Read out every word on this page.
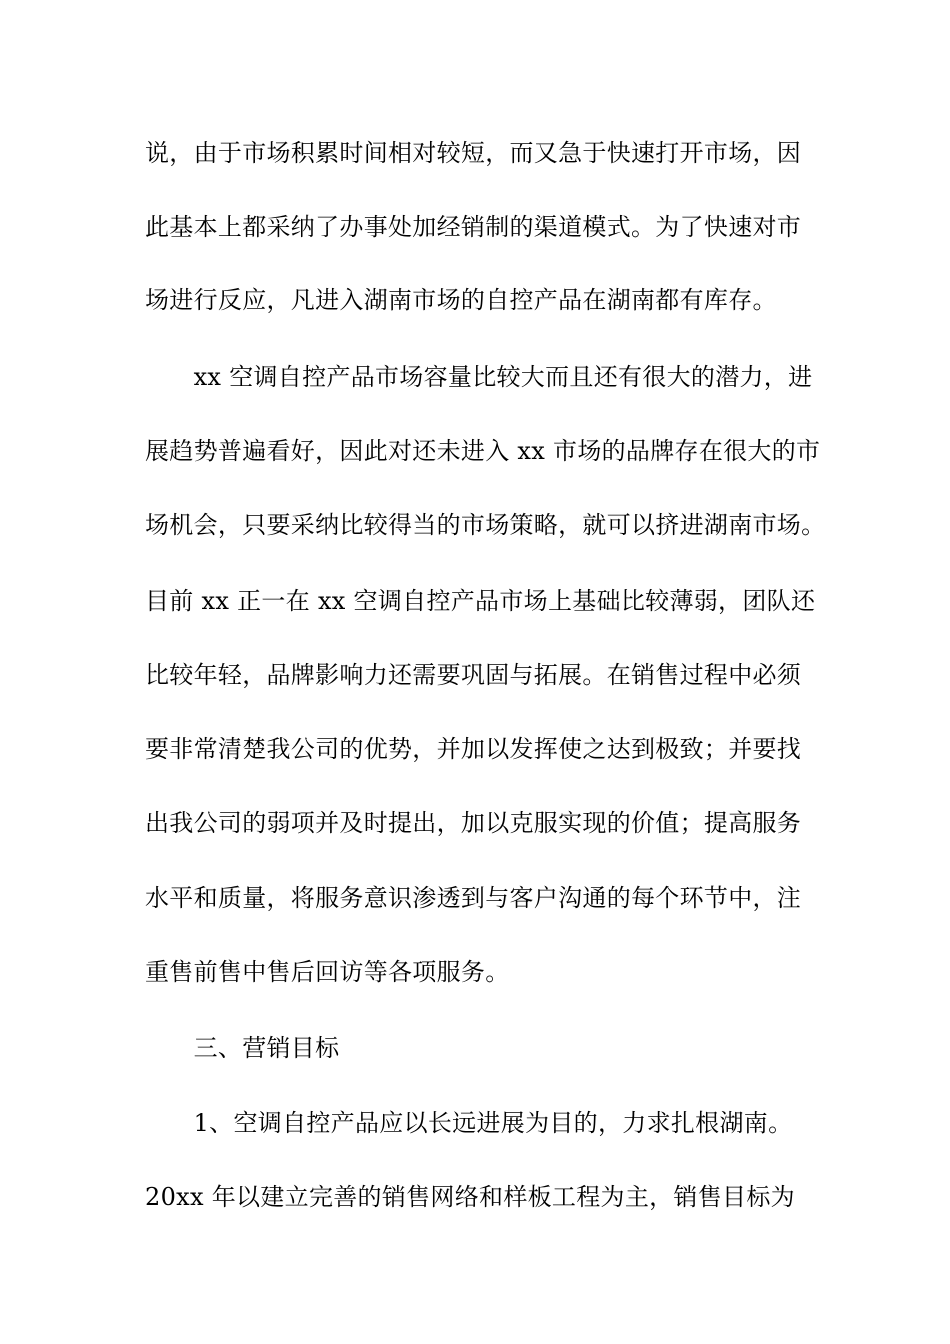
说，由于市场积累时间相对较短，而又急于快速打开市场，因
此基本上都采纳了办事处加经销制的渠道模式。为了快速对市
场进行反应，凡进入湖南市场的自控产品在湖南都有库存。
　　xx 空调自控产品市场容量比较大而且还有很大的潜力，进
展趋势普遍看好，因此对还未进入 xx 市场的品牌存在很大的市
场机会，只要采纳比较得当的市场策略，就可以挤进湖南市场。
目前 xx 正一在 xx 空调自控产品市场上基础比较薄弱，团队还
比较年轻，品牌影响力还需要巩固与拓展。在销售过程中必须
要非常清楚我公司的优势，并加以发挥使之达到极致；并要找
出我公司的弱项并及时提出，加以克服实现的价值；提高服务
水平和质量，将服务意识渗透到与客户沟通的每个环节中，注
重售前售中售后回访等各项服务。
　　三、营销目标
　　1、空调自控产品应以长远进展为目的，力求扎根湖南。
20xx 年以建立完善的销售网络和样板工程为主，销售目标为
